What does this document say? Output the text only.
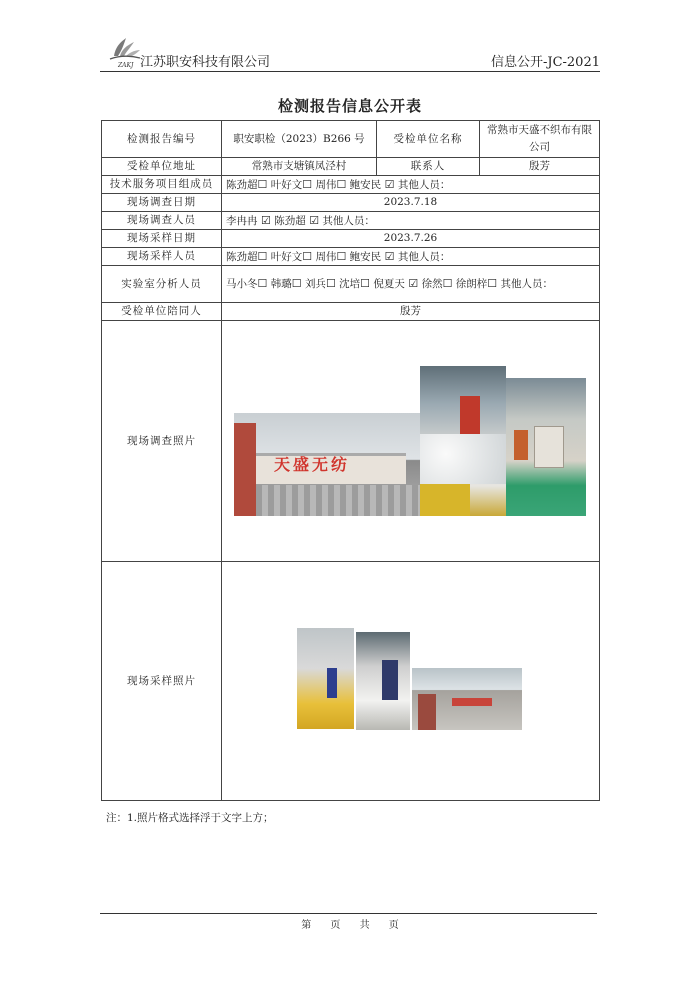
ZAKJ 江苏职安科技有限公司	信息公开-JC-2021
检测报告信息公开表
检测报告编号	职安职检（2023）B266 号	受检单位名称	常熟市天盛不织布有限公司
受检单位地址	常熟市支塘镇凤泾村	联系人	殷芳
技术服务项目组成员	陈劲超☐ 叶好文☐ 周伟☐ 鲍安民 ☑ 其他人员：		
现场调查日期	2023.7.18		
现场调查人员	李冉冉 ☑ 陈劲超 ☑ 其他人员：		
现场采样日期	2023.7.26		
现场采样人员	陈劲超☐ 叶好文☐ 周伟☐ 鲍安民 ☑ 其他人员：		
实验室分析人员	马小冬☐ 韩璐☐ 刘兵☐ 沈培☐ 倪夏天 ☑ 徐然☐ 徐朗梓☐ 其他人员：		
受检单位陪同人	殷芳		
现场调查照片	天盛无纺		

现场采样照片			
注：1.照片格式选择浮于文字上方；
第 页 共 页
